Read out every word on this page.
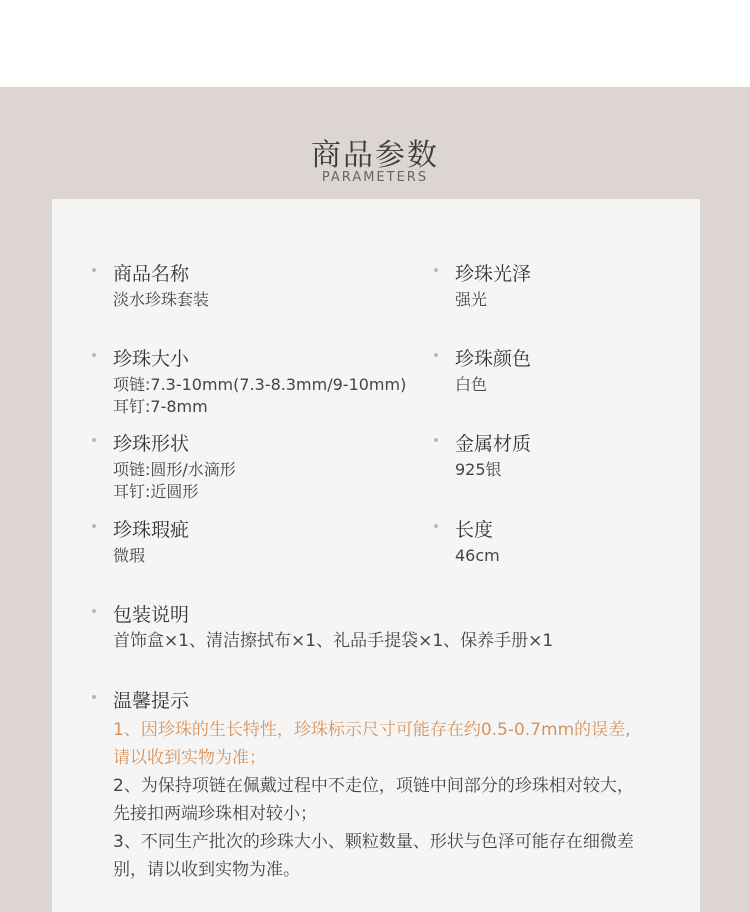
商品参数
PARAMETERS
商品名称
淡水珍珠套装
珍珠大小
项链:7.3-10mm(7.3-8.3mm/9-10mm)
耳钉:7-8mm
珍珠形状
项链:圆形/水滴形
耳钉:近圆形
珍珠瑕疵
微瑕
珍珠光泽
强光
珍珠颜色
白色
金属材质
925银
长度
46cm
包装说明
首饰盒×1、清洁擦拭布×1、礼品手提袋×1、保养手册×1
温馨提示
1、因珍珠的生长特性，珍珠标示尺寸可能存在约0.5-0.7mm的误差,请以收到实物为准；
2、为保持项链在佩戴过程中不走位，项链中间部分的珍珠相对较大，先接扣两端珍珠相对较小；
3、不同生产批次的珍珠大小、颗粒数量、形状与色泽可能存在细微差别，请以收到实物为准。
